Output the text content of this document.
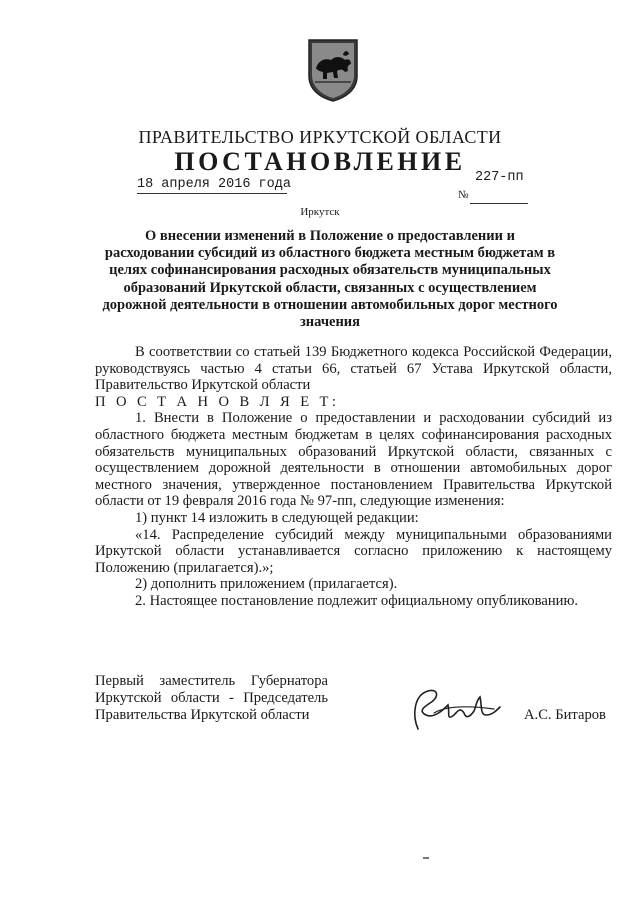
ПРАВИТЕЛЬСТВО ИРКУТСКОЙ ОБЛАСТИ
ПОСТАНОВЛЕНИЕ
18 апреля 2016 года	227-пп
№
Иркутск
О внесении изменений в Положение о предоставлении и расходовании субсидий из областного бюджета местным бюджетам в целях софинансирования расходных обязательств муниципальных образований Иркутской области, связанных с осуществлением дорожной деятельности в отношении автомобильных дорог местного значения

В соответствии со статьей 139 Бюджетного кодекса Российской Федерации, руководствуясь частью 4 статьи 66, статьей 67 Устава Иркутской области, Правительство Иркутской области

П О С Т А Н О В Л Я Е Т:

1. Внести в Положение о предоставлении и расходовании субсидий из областного бюджета местным бюджетам в целях софинансирования расходных обязательств муниципальных образований Иркутской области, связанных с осуществлением дорожной деятельности в отношении автомобильных дорог местного значения, утвержденное постановлением Правительства Иркутской области от 19 февраля 2016 года № 97-пп, следующие изменения:

1) пункт 14 изложить в следующей редакции:

«14. Распределение субсидий между муниципальными образованиями Иркутской области устанавливается согласно приложению к настоящему Положению (прилагается).»;

2) дополнить приложением (прилагается).

2. Настоящее постановление подлежит официальному опубликованию.

Первый заместитель Губернатора
Иркутской области - Председатель
Правительства Иркутской области	А.С. Битаров
